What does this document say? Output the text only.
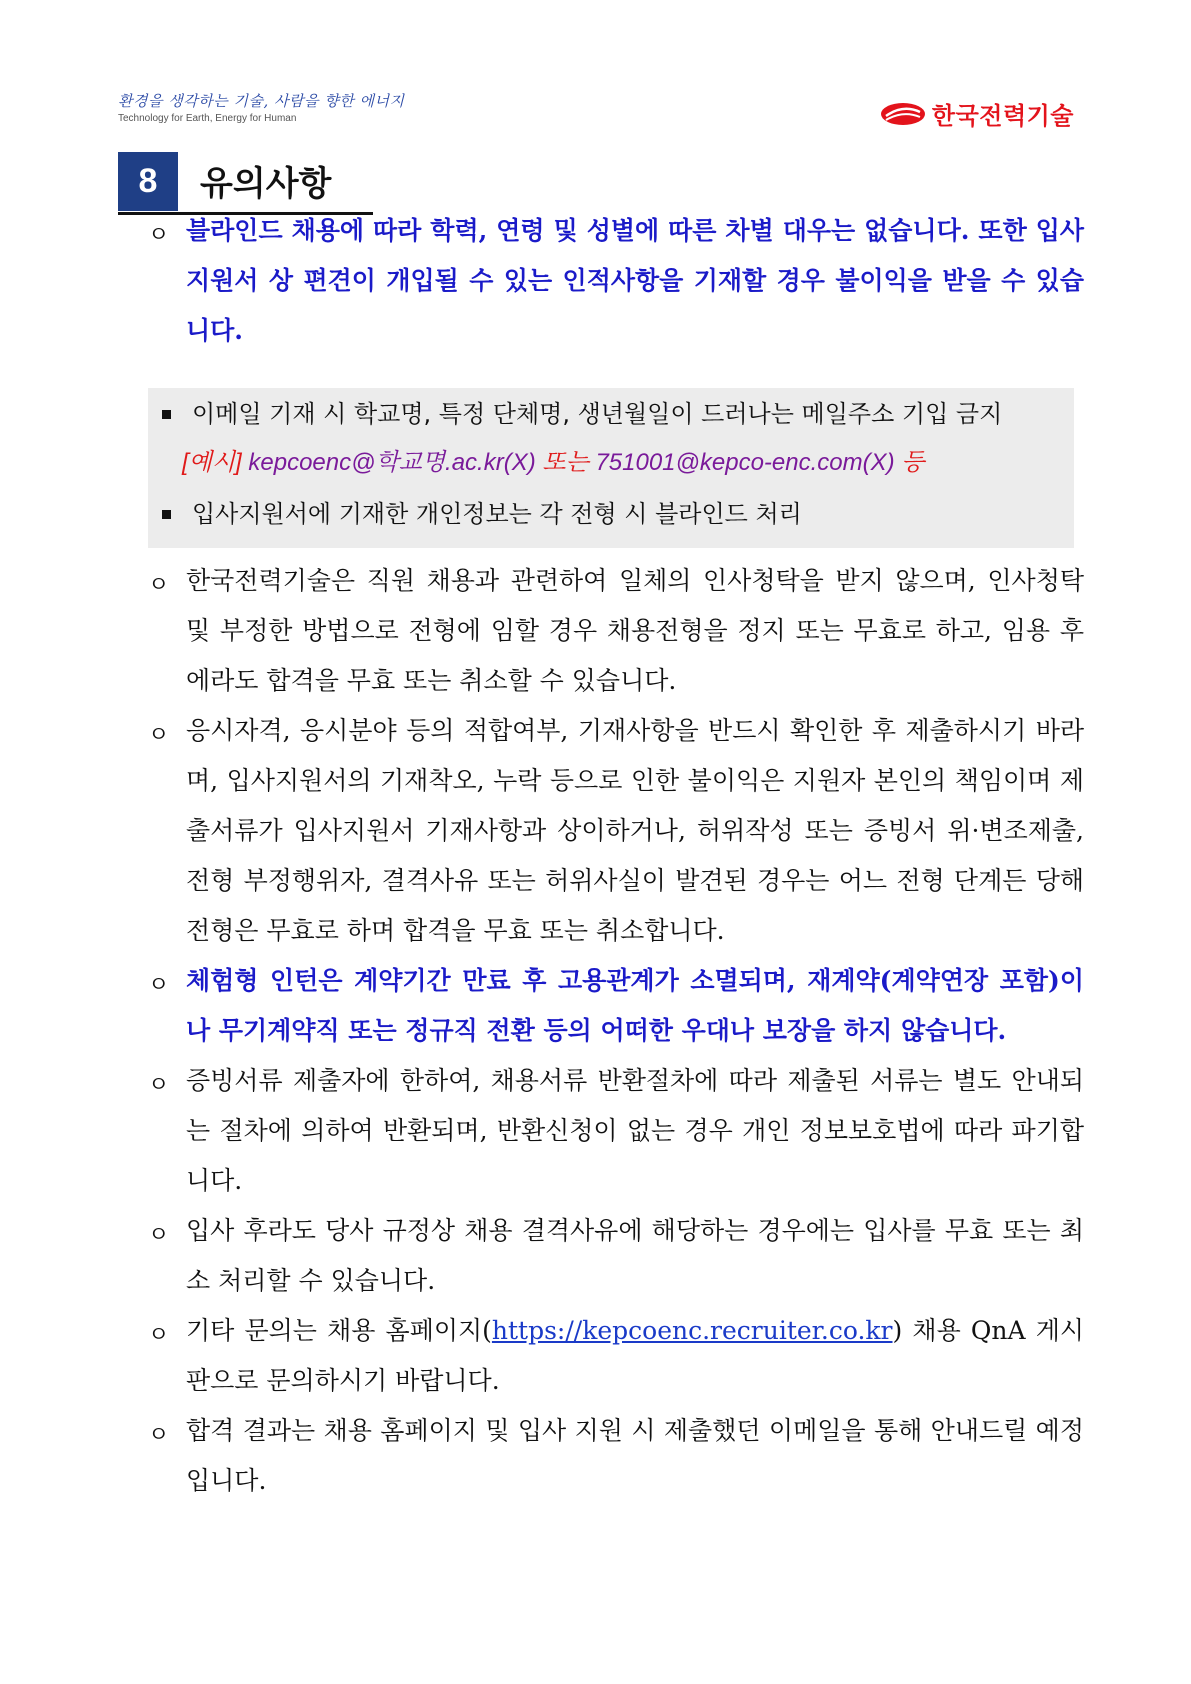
환경을 생각하는 기술, 사람을 향한 에너지
Technology for Earth, Energy for Human	한국전력기술
8	유의사항
ㅇ 블라인드 채용에 따라 학력, 연령 및 성별에 따른 차별 대우는 없습니다. 또한 입사지원서 상 편견이 개입될 수 있는 인적사항을 기재할 경우 불이익을 받을 수 있습니다.
이메일 기재 시 학교명, 특정 단체명, 생년월일이 드러나는 메일주소 기입 금지
[예시] kepcoenc@학교명.ac.kr(X) 또는 751001@kepco-enc.com(X) 등
입사지원서에 기재한 개인정보는 각 전형 시 블라인드 처리
ㅇ 한국전력기술은 직원 채용과 관련하여 일체의 인사청탁을 받지 않으며, 인사청탁 및 부정한 방법으로 전형에 임할 경우 채용전형을 정지 또는 무효로 하고, 임용 후에라도 합격을 무효 또는 취소할 수 있습니다.
ㅇ 응시자격, 응시분야 등의 적합여부, 기재사항을 반드시 확인한 후 제출하시기 바라며, 입사지원서의 기재착오, 누락 등으로 인한 불이익은 지원자 본인의 책임이며 제출서류가 입사지원서 기재사항과 상이하거나, 허위작성 또는 증빙서 위·변조제출, 전형 부정행위자, 결격사유 또는 허위사실이 발견된 경우는 어느 전형 단계든 당해 전형은 무효로 하며 합격을 무효 또는 취소합니다.
ㅇ 체험형 인턴은 계약기간 만료 후 고용관계가 소멸되며, 재계약(계약연장 포함)이나 무기계약직 또는 정규직 전환 등의 어떠한 우대나 보장을 하지 않습니다.
ㅇ 증빙서류 제출자에 한하여, 채용서류 반환절차에 따라 제출된 서류는 별도 안내되는 절차에 의하여 반환되며, 반환신청이 없는 경우 개인 정보보호법에 따라 파기합니다.
ㅇ 입사 후라도 당사 규정상 채용 결격사유에 해당하는 경우에는 입사를 무효 또는 최소 처리할 수 있습니다.
ㅇ 기타 문의는 채용 홈페이지(https://kepcoenc.recruiter.co.kr) 채용 QnA 게시판으로 문의하시기 바랍니다.
ㅇ 합격 결과는 채용 홈페이지 및 입사 지원 시 제출했던 이메일을 통해 안내드릴 예정입니다.
